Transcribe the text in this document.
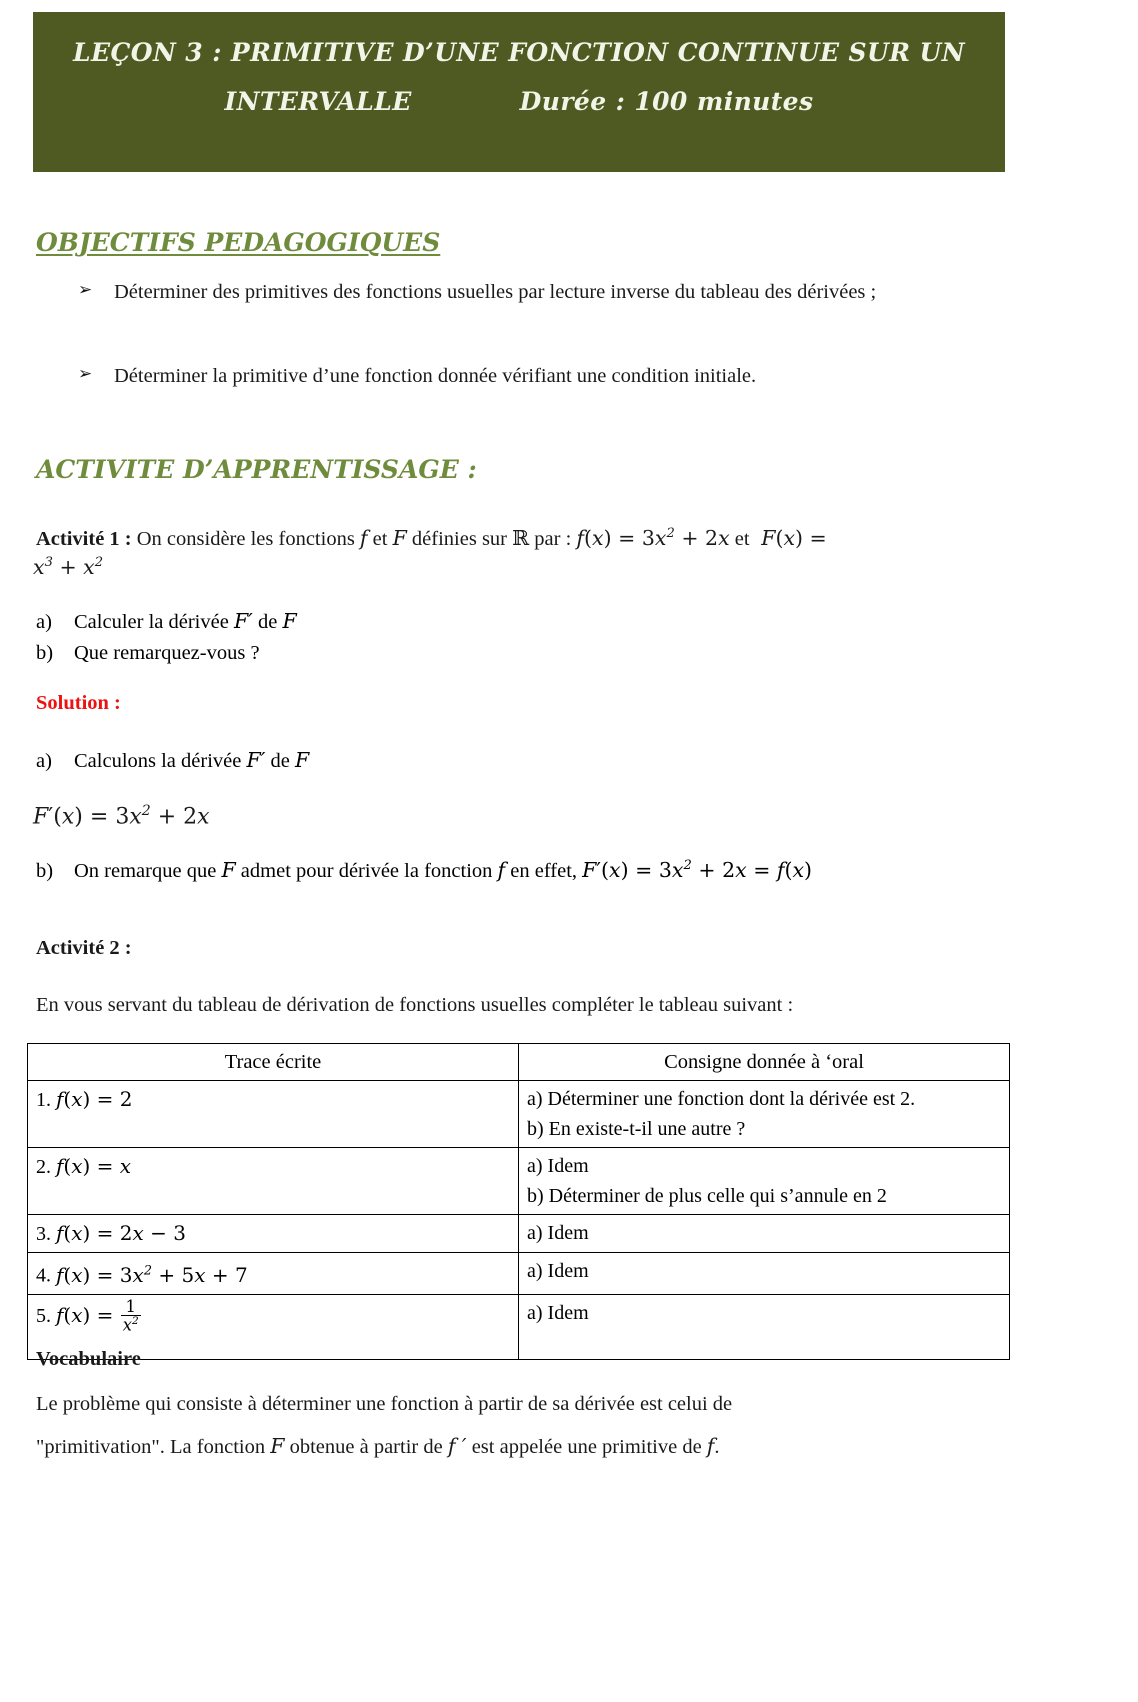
LEÇON 3 : PRIMITIVE D’UNE FONCTION CONTINUE SUR UN
INTERVALLE	Durée : 100 minutes
OBJECTIFS PEDAGOGIQUES
➢	Déterminer des primitives des fonctions usuelles par lecture inverse du tableau des dérivées ;
➢	Déterminer la primitive d’une fonction donnée vérifiant une condition initiale.
ACTIVITE D’APPRENTISSAGE :
Activité 1 : On considère les fonctions f et F définies sur ℝ par : $f(x) = 3x^2 + 2x$ et  F(x) =
$x^3 + x^2$
a) Calculer la dérivée F′ de F
b) Que remarquez-vous ?
Solution :
a) Calculons la dérivée F′ de F
$F'(x) = 3x^2 + 2x$
b) On remarque que F admet pour dérivée la fonction f en effet, $F'(x) = 3x^2 + 2x = f(x)$
Activité 2 :
En vous servant du tableau de dérivation de fonctions usuelles compléter le tableau suivant :
Trace écrite	Consigne donnée à ‘oral
1. f(x) = 2	a) Déterminer une fonction dont la dérivée est 2.

b) En existe-t-il une autre ?

2. f(x) = x	a) Idem

b) Déterminer de plus celle qui s’annule en 2

3. f(x) = 2x − 3	a) Idem

4. $f(x) = 3x^2 + 5x + 7$	a) Idem

5. $f(x) = \frac{1}{x^2}$	a) Idem

Vocabulaire
Le problème qui consiste à déterminer une fonction à partir de sa dérivée est celui de
"primitivation". La fonction F obtenue à partir de f ′ est appelée une primitive de f.
